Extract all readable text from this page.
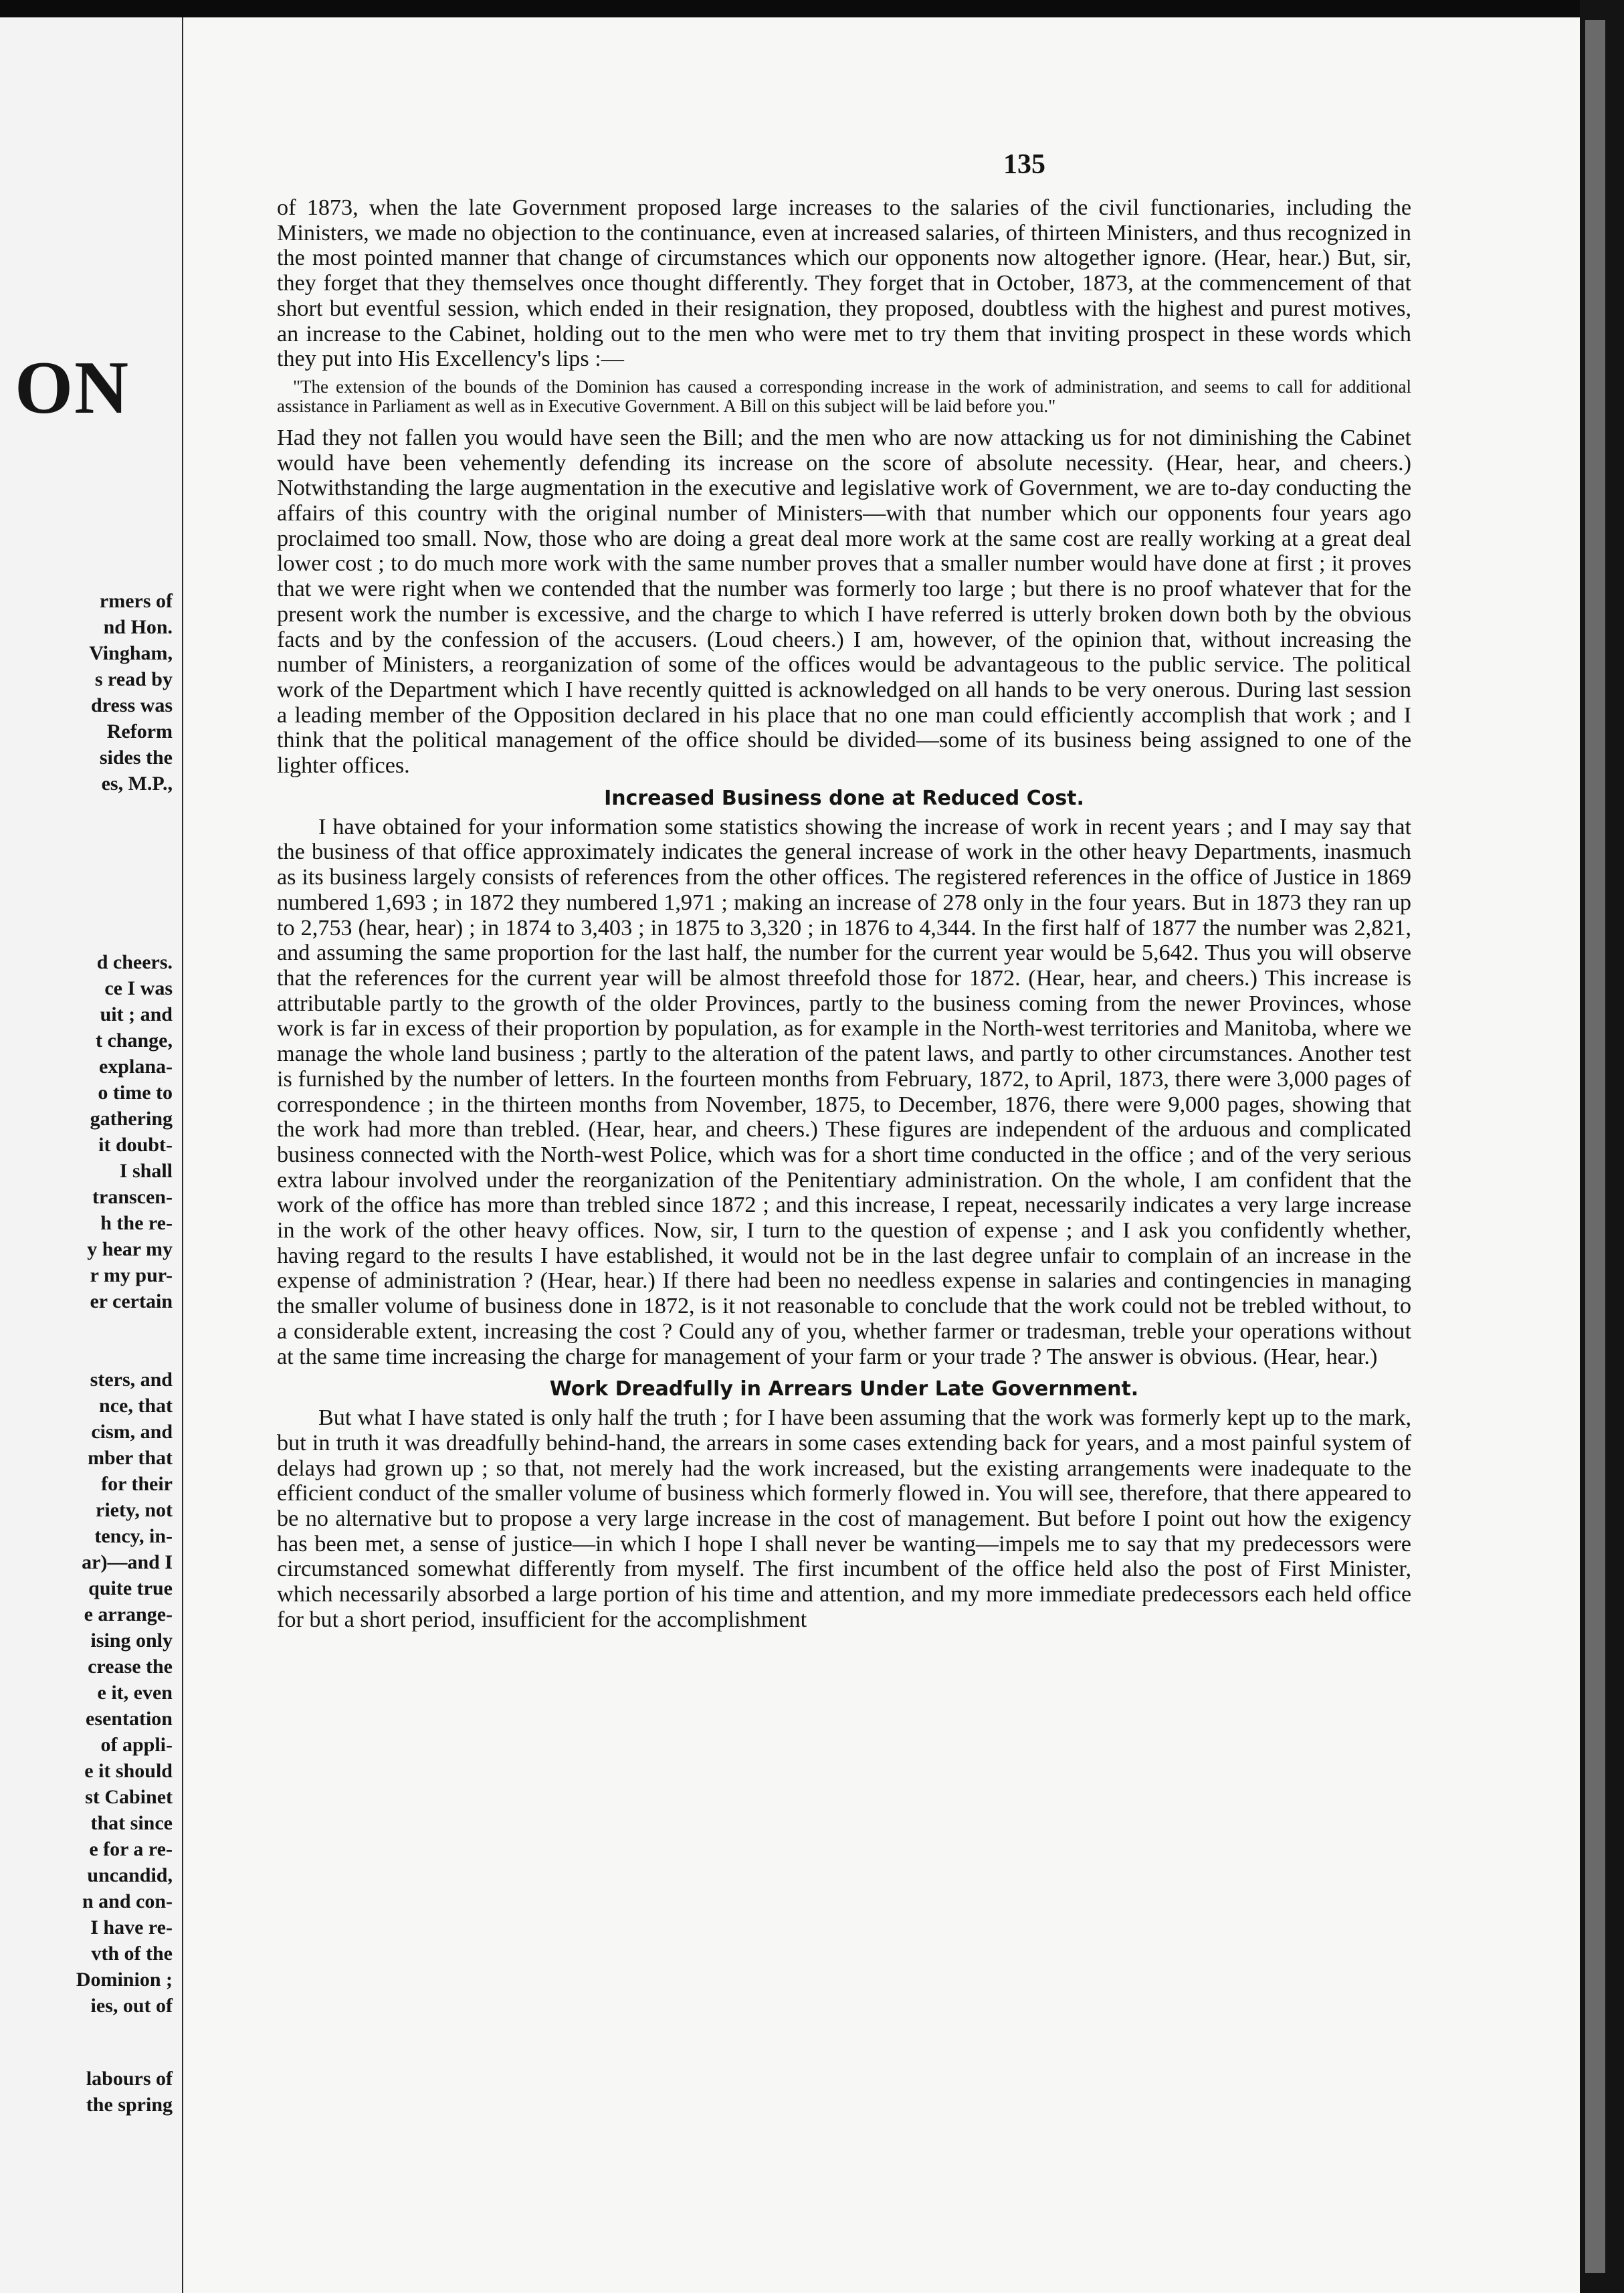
ON
rmers of
nd Hon.
Vingham,
s read by
dress was
Reform
sides the
es, M.P.,
d cheers.
ce I was
uit ; and
t change,
explana-
o time to
gathering
it doubt-
I shall
transcen-
h the re-
y hear my
r my pur-
er certain
sters, and
nce, that
cism, and
mber that
for their
riety, not
tency, in-
ar)—and I
quite true
e arrange-
ising only
crease the
e it, even
esentation
of appli-
e it should
st Cabinet
that since
e for a re-
uncandid,
n and con-
I have re-
vth of the
Dominion ;
ies, out of
labours of
the spring
135

of 1873, when the late Government proposed large increases to the salaries of the civil functionaries, including the Ministers, we made no objection to the continuance, even at increased salaries, of thirteen Ministers, and thus recognized in the most pointed manner that change of circumstances which our opponents now altogether ignore. (Hear, hear.) But, sir, they forget that they themselves once thought differently. They forget that in October, 1873, at the commencement of that short but eventful session, which ended in their resignation, they proposed, doubtless with the highest and purest motives, an increase to the Cabinet, holding out to the men who were met to try them that inviting prospect in these words which they put into His Excellency's lips :—

"The extension of the bounds of the Dominion has caused a corresponding increase in the work of administration, and seems to call for additional assistance in Parliament as well as in Executive Government. A Bill on this subject will be laid before you."

Had they not fallen you would have seen the Bill; and the men who are now attacking us for not diminishing the Cabinet would have been vehemently defending its increase on the score of absolute necessity. (Hear, hear, and cheers.) Notwithstanding the large augmentation in the executive and legislative work of Government, we are to-day conducting the affairs of this country with the original number of Ministers—with that number which our opponents four years ago proclaimed too small. Now, those who are doing a great deal more work at the same cost are really working at a great deal lower cost ; to do much more work with the same number proves that a smaller number would have done at first ; it proves that we were right when we contended that the number was formerly too large ; but there is no proof whatever that for the present work the number is excessive, and the charge to which I have referred is utterly broken down both by the obvious facts and by the confession of the accusers. (Loud cheers.) I am, however, of the opinion that, without increasing the number of Ministers, a reorganization of some of the offices would be advantageous to the public service. The political work of the Department which I have recently quitted is acknowledged on all hands to be very onerous. During last session a leading member of the Opposition declared in his place that no one man could efficiently accomplish that work ; and I think that the political management of the office should be divided—some of its business being assigned to one of the lighter offices.

Increased Business done at Reduced Cost.

I have obtained for your information some statistics showing the increase of work in recent years ; and I may say that the business of that office approximately indicates the general increase of work in the other heavy Departments, inasmuch as its business largely consists of references from the other offices. The registered references in the office of Justice in 1869 numbered 1,693 ; in 1872 they numbered 1,971 ; making an increase of 278 only in the four years. But in 1873 they ran up to 2,753 (hear, hear) ; in 1874 to 3,403 ; in 1875 to 3,320 ; in 1876 to 4,344. In the first half of 1877 the number was 2,821, and assuming the same proportion for the last half, the number for the current year would be 5,642. Thus you will observe that the references for the current year will be almost threefold those for 1872. (Hear, hear, and cheers.) This increase is attributable partly to the growth of the older Provinces, partly to the business coming from the newer Provinces, whose work is far in excess of their proportion by population, as for example in the North-west territories and Manitoba, where we manage the whole land business ; partly to the alteration of the patent laws, and partly to other circumstances. Another test is furnished by the number of letters. In the fourteen months from February, 1872, to April, 1873, there were 3,000 pages of correspondence ; in the thirteen months from November, 1875, to December, 1876, there were 9,000 pages, showing that the work had more than trebled. (Hear, hear, and cheers.) These figures are independent of the arduous and complicated business connected with the North-west Police, which was for a short time conducted in the office ; and of the very serious extra labour involved under the reorganization of the Penitentiary administration. On the whole, I am confident that the work of the office has more than trebled since 1872 ; and this increase, I repeat, necessarily indicates a very large increase in the work of the other heavy offices. Now, sir, I turn to the question of expense ; and I ask you confidently whether, having regard to the results I have established, it would not be in the last degree unfair to complain of an increase in the expense of administration ? (Hear, hear.) If there had been no needless expense in salaries and contingencies in managing the smaller volume of business done in 1872, is it not reasonable to conclude that the work could not be trebled without, to a considerable extent, increasing the cost ? Could any of you, whether farmer or tradesman, treble your operations without at the same time increasing the charge for management of your farm or your trade ? The answer is obvious. (Hear, hear.)

Work Dreadfully in Arrears Under Late Government.

But what I have stated is only half the truth ; for I have been assuming that the work was formerly kept up to the mark, but in truth it was dreadfully behind-hand, the arrears in some cases extending back for years, and a most painful system of delays had grown up ; so that, not merely had the work increased, but the existing arrangements were inadequate to the efficient conduct of the smaller volume of business which formerly flowed in. You will see, therefore, that there appeared to be no alternative but to propose a very large increase in the cost of management. But before I point out how the exigency has been met, a sense of justice—in which I hope I shall never be wanting—impels me to say that my predecessors were circumstanced somewhat differently from myself. The first incumbent of the office held also the post of First Minister, which necessarily absorbed a large portion of his time and attention, and my more immediate predecessors each held office for but a short period, insufficient for the accomplishment
